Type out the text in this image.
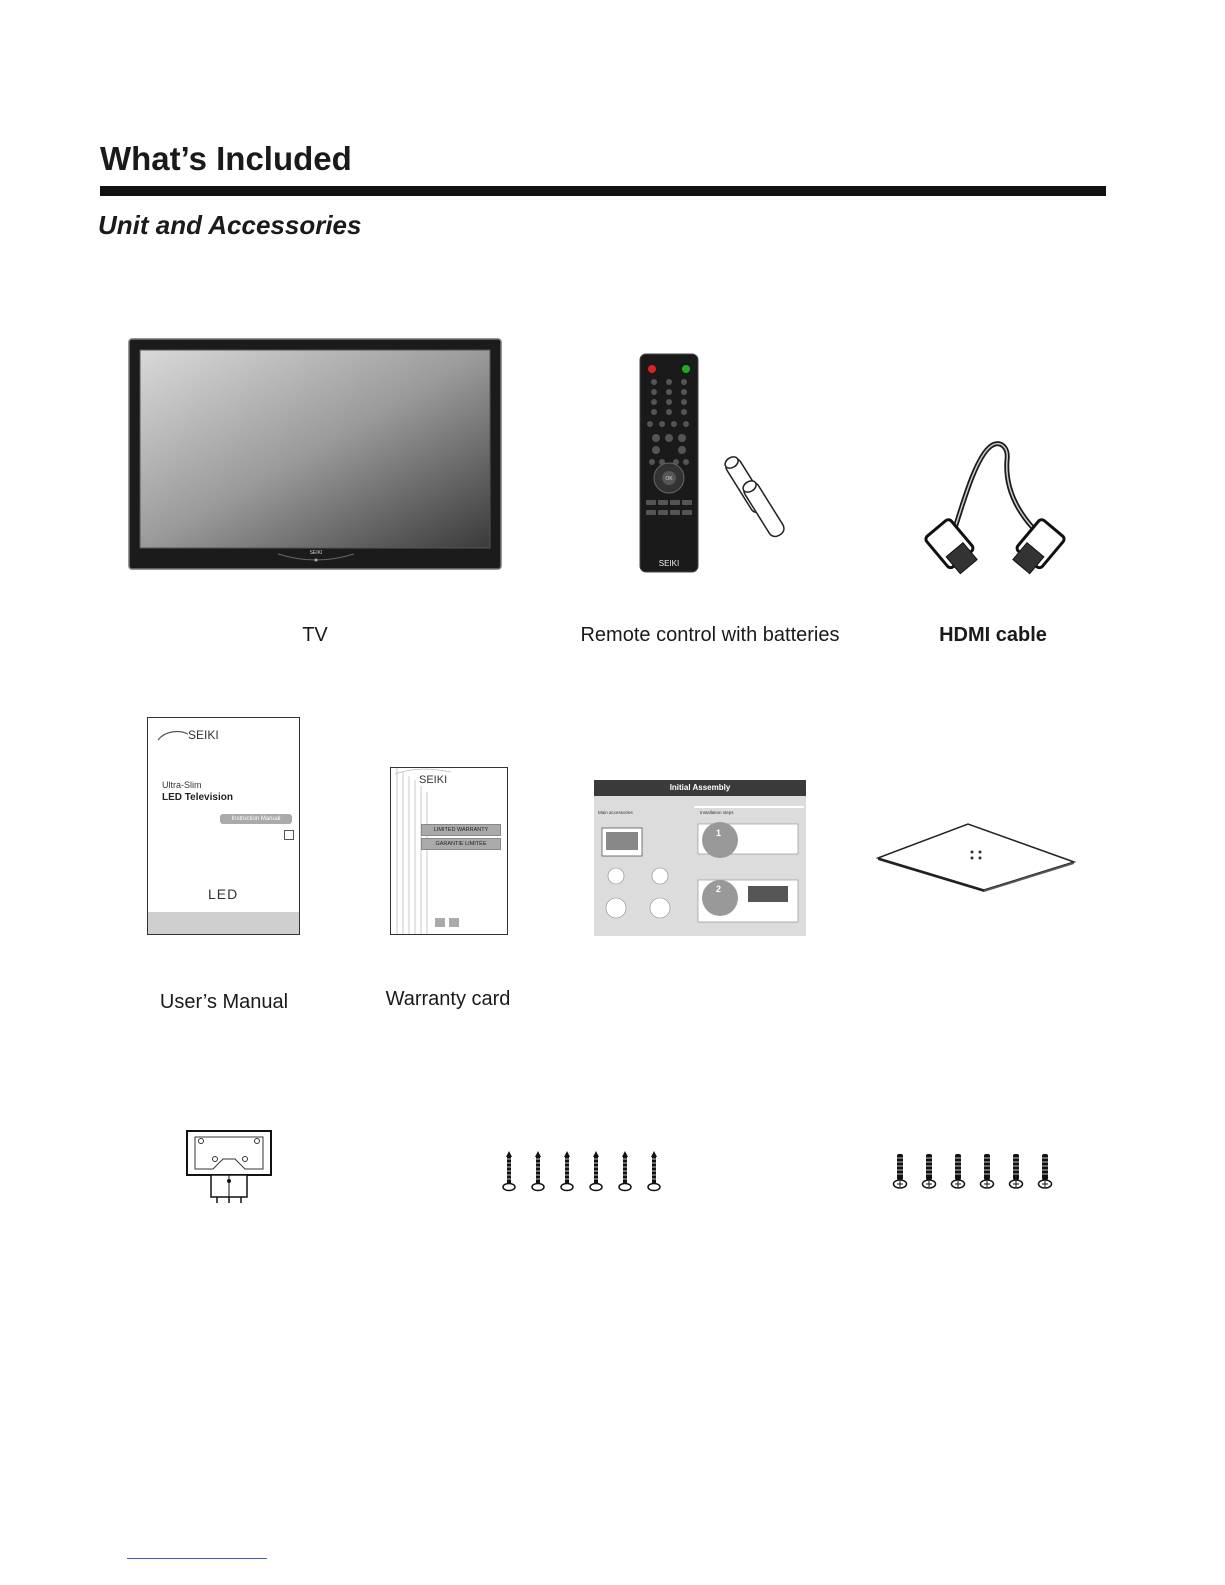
What’s Included
Unit and Accessories
SEIKI
TV
OK
SEIKI
Remote control with batteries	HDMI cable
SEIKI
Ultra-Slim
LED Television
Instruction Manual
LED
User’s Manual
SEIKI
LIMITED WARRANTY
GARANTIE LIMITÉE
Warranty card
Initial Assembly
Main accessories	Installation steps
1
2
